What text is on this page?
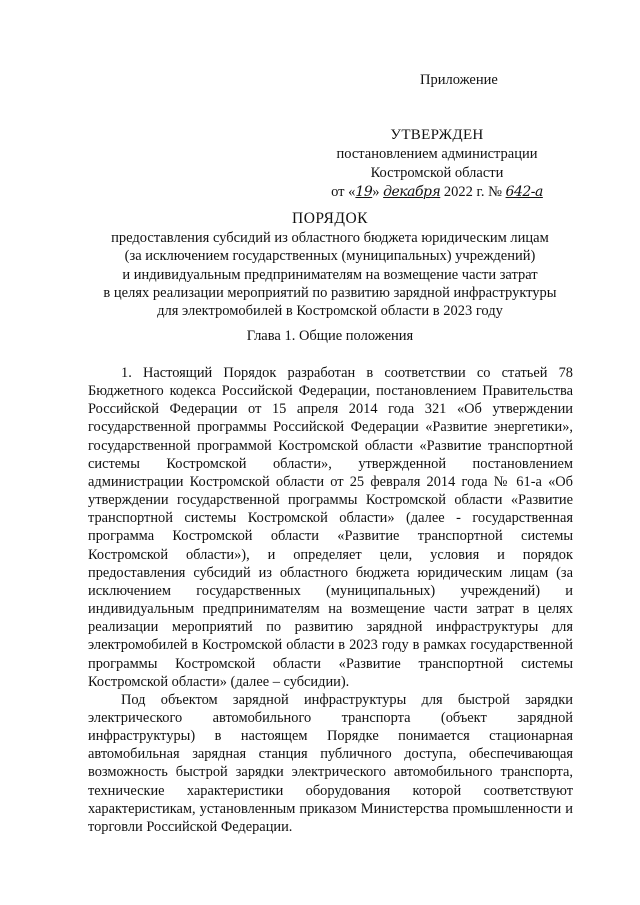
Приложение
УТВЕРЖДЕН
постановлением администрации
Костромской области
от «19» декабря 2022 г. № 642-а
ПОРЯДОК
предоставления субсидий из областного бюджета юридическим лицам
(за исключением государственных (муниципальных) учреждений)
и индивидуальным предпринимателям на возмещение части затрат
в целях реализации мероприятий по развитию зарядной инфраструктуры
для электромобилей в Костромской области в 2023 году
Глава 1. Общие положения

1. Настоящий Порядок разработан в соответствии со статьей 78 Бюджетного кодекса Российской Федерации, постановлением Правительства Российской Федерации от 15 апреля 2014 года 321 «Об утверждении государственной программы Российской Федерации «Развитие энергетики», государственной программой Костромской области «Развитие транспортной системы Костромской области», утвержденной постановлением администрации Костромской области от 25 февраля 2014 года № 61-а «Об утверждении государственной программы Костромской области «Развитие транспортной системы Костромской области» (далее - государственная программа Костромской области «Развитие транспортной системы Костромской области»), и определяет цели, условия и порядок предоставления субсидий из областного бюджета юридическим лицам (за исключением государственных (муниципальных) учреждений) и индивидуальным предпринимателям на возмещение части затрат в целях реализации мероприятий по развитию зарядной инфраструктуры для электромобилей в Костромской области в 2023 году в рамках государственной программы Костромской области «Развитие транспортной системы Костромской области» (далее – субсидии).

Под объектом зарядной инфраструктуры для быстрой зарядки электрического автомобильного транспорта (объект зарядной инфраструктуры) в настоящем Порядке понимается стационарная автомобильная зарядная станция публичного доступа, обеспечивающая возможность быстрой зарядки электрического автомобильного транспорта, технические характеристики оборудования которой соответствуют характеристикам, установленным приказом Министерства промышленности и торговли Российской Федерации.
